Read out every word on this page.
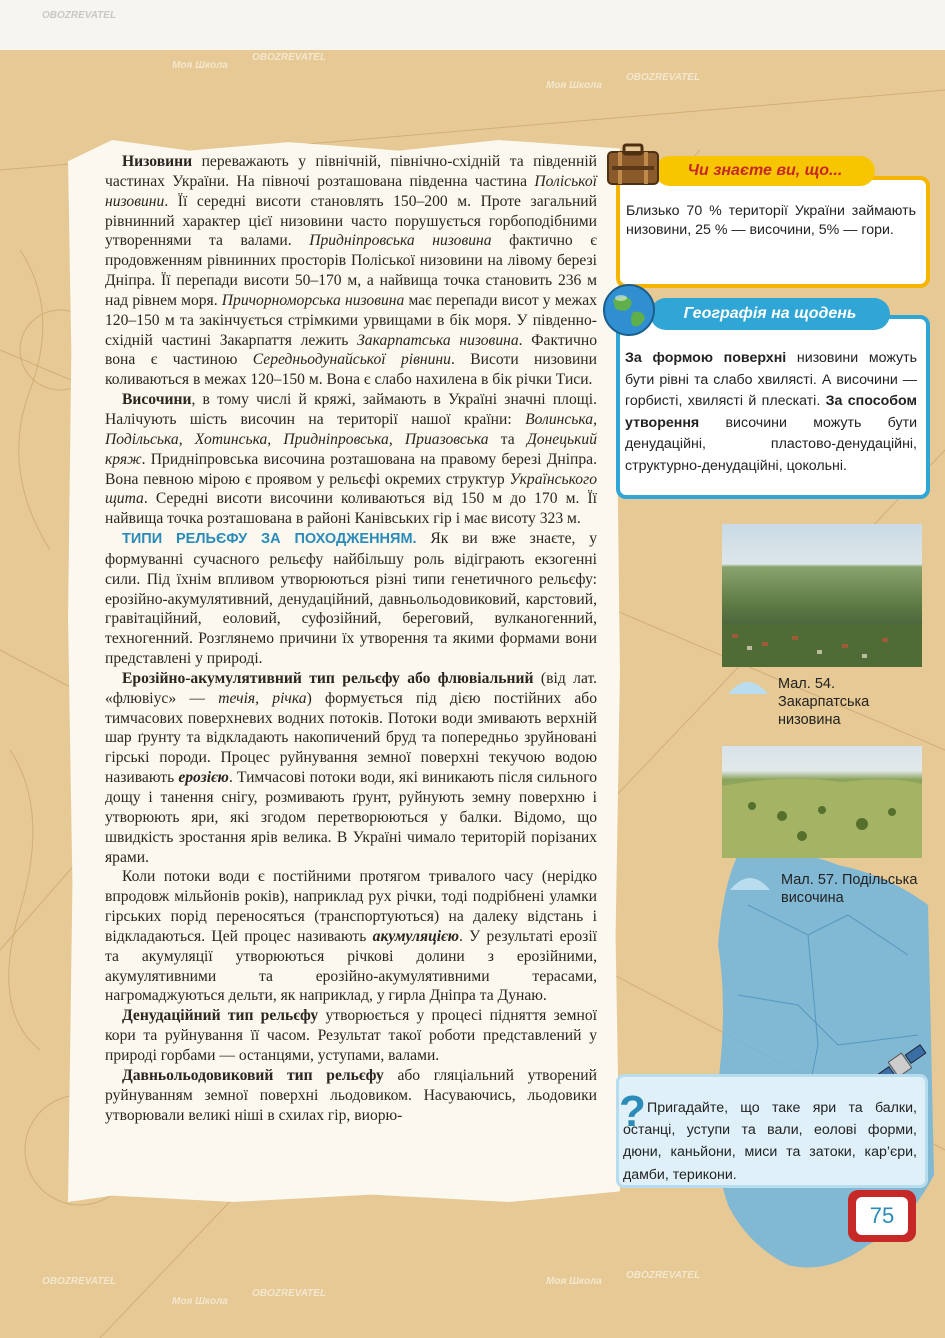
Низовини переважають у північній, північно-східній та південній частинах України. На півночі розташована південна частина Поліської низовини. Її середні висоти становлять 150–200 м. Проте загальний рівнинний характер цієї низовини часто порушується горбоподібними утвореннями та валами. Придніпровська низовина фактично є продовженням рівнинних просторів Поліської низовини на лівому березі Дніпра. Її перепади висоти 50–170 м, а найвища точка становить 236 м над рівнем моря. Причорноморська низовина має перепади висот у межах 120–150 м та закінчується стрімкими урвищами в бік моря. У південно-східній частині Закарпаття лежить Закарпатська низовина. Фактично вона є частиною Середньодунайської рівнини. Висоти низовини коливаються в межах 120–150 м. Вона є слабо нахилена в бік річки Тиси.

Височини, в тому числі й кряжі, займають в Україні значні площі. Налічують шість височин на території нашої країни: Волинська, Подільська, Хотинська, Придніпровська, Приазовська та Донецький кряж. Придніпровська височина розташована на правому березі Дніпра. Вона певною мірою є проявом у рельєфі окремих структур Українського щита. Середні висоти височини коливаються від 150 м до 170 м. Її найвища точка розташована в районі Канівських гір і має висоту 323 м.

ТИПИ РЕЛЬЄФУ ЗА ПОХОДЖЕННЯМ. Як ви вже знаєте, у формуванні сучасного рельєфу найбільшу роль відіграють екзогенні сили. Під їхнім впливом утворюються різні типи генетичного рельєфу: ерозійно-акумулятивний, денудаційний, давньольодовиковий, карстовий, гравітаційний, еоловий, суфозійний, береговий, вулканогенний, техногенний. Розглянемо причини їх утворення та якими формами вони представлені у природі.

Ерозійно-акумулятивний тип рельєфу або флювіальний (від лат. «флювіус» — течія, річка) формується під дією постійних або тимчасових поверхневих водних потоків. Потоки води змивають верхній шар ґрунту та відкладають накопичений бруд та попередньо зруйновані гірські породи. Процес руйнування земної поверхні текучою водою називають ерозією. Тимчасові потоки води, які виникають після сильного дощу і танення снігу, розмивають ґрунт, руйнують земну поверхню і утворюють яри, які згодом перетворюються у балки. Відомо, що швидкість зростання ярів велика. В Україні чимало територій порізаних ярами.

Коли потоки води є постійними протягом тривалого часу (нерідко впродовж мільйонів років), наприклад рух річки, тоді подрібнені уламки гірських порід переносяться (транспортуються) на далеку відстань і відкладаються. Цей процес називають акумуляцією. У результаті ерозії та акумуляції утворюються річкові долини з ерозійними, акумулятивними та ерозійно-акумулятивними терасами, нагромаджуються дельти, як наприклад, у гирла Дніпра та Дунаю.

Денудаційний тип рельєфу утворюється у процесі підняття земної кори та руйнування її часом. Результат такої роботи представлений у природі горбами — останцями, уступами, валами.

Давньольодовиковий тип рельєфу або гляціальний утворений руйнуванням земної поверхні льодовиком. Насуваючись, льодовики утворювали великі ніші в схилах гір, виорю-

Чи знаєте ви, що...
Близько 70 % території України займають низовини, 25 % — височини, 5% — гори.
Географія на щодень
За формою поверхні низовини можуть бути рівні та слабо хвилясті. А височини — горбисті, хвилясті й плескаті. За способом утворення височини можуть бути денудаційні, пластово-денудаційні, структурно-денудаційні, цокольні.
Мал. 54. Закарпатська низовина
Мал. 57. Подільська височина
? Пригадайте, що таке яри та балки, останці, уступи та вали, еолові форми, дюни, каньйони, миси та затоки, кар’єри, дамби, терикони.
75
OBOZREVATEL
Моя Школа
OBOZREVATEL
Моя Школа
OBOZREVATEL
Моя Школа
OBOZREVATEL
Моя Школа
OBOZREVATEL
OBOZREVATEL
